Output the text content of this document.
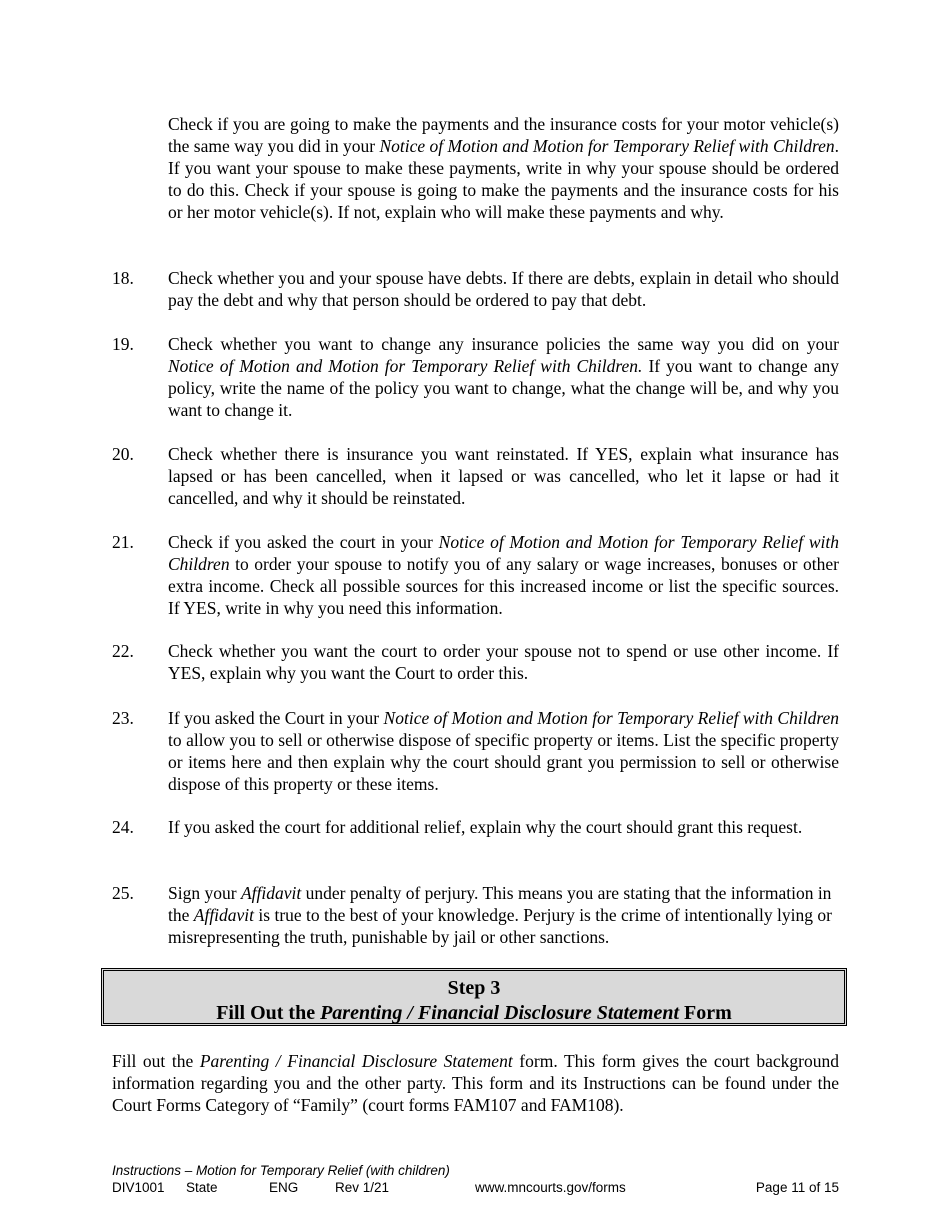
Check if you are going to make the payments and the insurance costs for your motor vehicle(s) the same way you did in your Notice of Motion and Motion for Temporary Relief with Children. If you want your spouse to make these payments, write in why your spouse should be ordered to do this. Check if your spouse is going to make the payments and the insurance costs for his or her motor vehicle(s). If not, explain who will make these payments and why.
18. Check whether you and your spouse have debts. If there are debts, explain in detail who should pay the debt and why that person should be ordered to pay that debt.
19. Check whether you want to change any insurance policies the same way you did on your Notice of Motion and Motion for Temporary Relief with Children. If you want to change any policy, write the name of the policy you want to change, what the change will be, and why you want to change it.
20. Check whether there is insurance you want reinstated. If YES, explain what insurance has lapsed or has been cancelled, when it lapsed or was cancelled, who let it lapse or had it cancelled, and why it should be reinstated.
21. Check if you asked the court in your Notice of Motion and Motion for Temporary Relief with Children to order your spouse to notify you of any salary or wage increases, bonuses or other extra income. Check all possible sources for this increased income or list the specific sources. If YES, write in why you need this information.
22. Check whether you want the court to order your spouse not to spend or use other income. If YES, explain why you want the Court to order this.
23. If you asked the Court in your Notice of Motion and Motion for Temporary Relief with Children to allow you to sell or otherwise dispose of specific property or items. List the specific property or items here and then explain why the court should grant you permission to sell or otherwise dispose of this property or these items.
24. If you asked the court for additional relief, explain why the court should grant this request.
25. Sign your Affidavit under penalty of perjury. This means you are stating that the information in the Affidavit is true to the best of your knowledge. Perjury is the crime of intentionally lying or misrepresenting the truth, punishable by jail or other sanctions.
Step 3
Fill Out the Parenting / Financial Disclosure Statement Form
Fill out the Parenting / Financial Disclosure Statement form. This form gives the court background information regarding you and the other party. This form and its Instructions can be found under the Court Forms Category of “Family” (court forms FAM107 and FAM108).
Instructions – Motion for Temporary Relief (with children)
DIV1001 State	ENG	Rev 1/21	www.mncourts.gov/forms	Page 11 of 15
